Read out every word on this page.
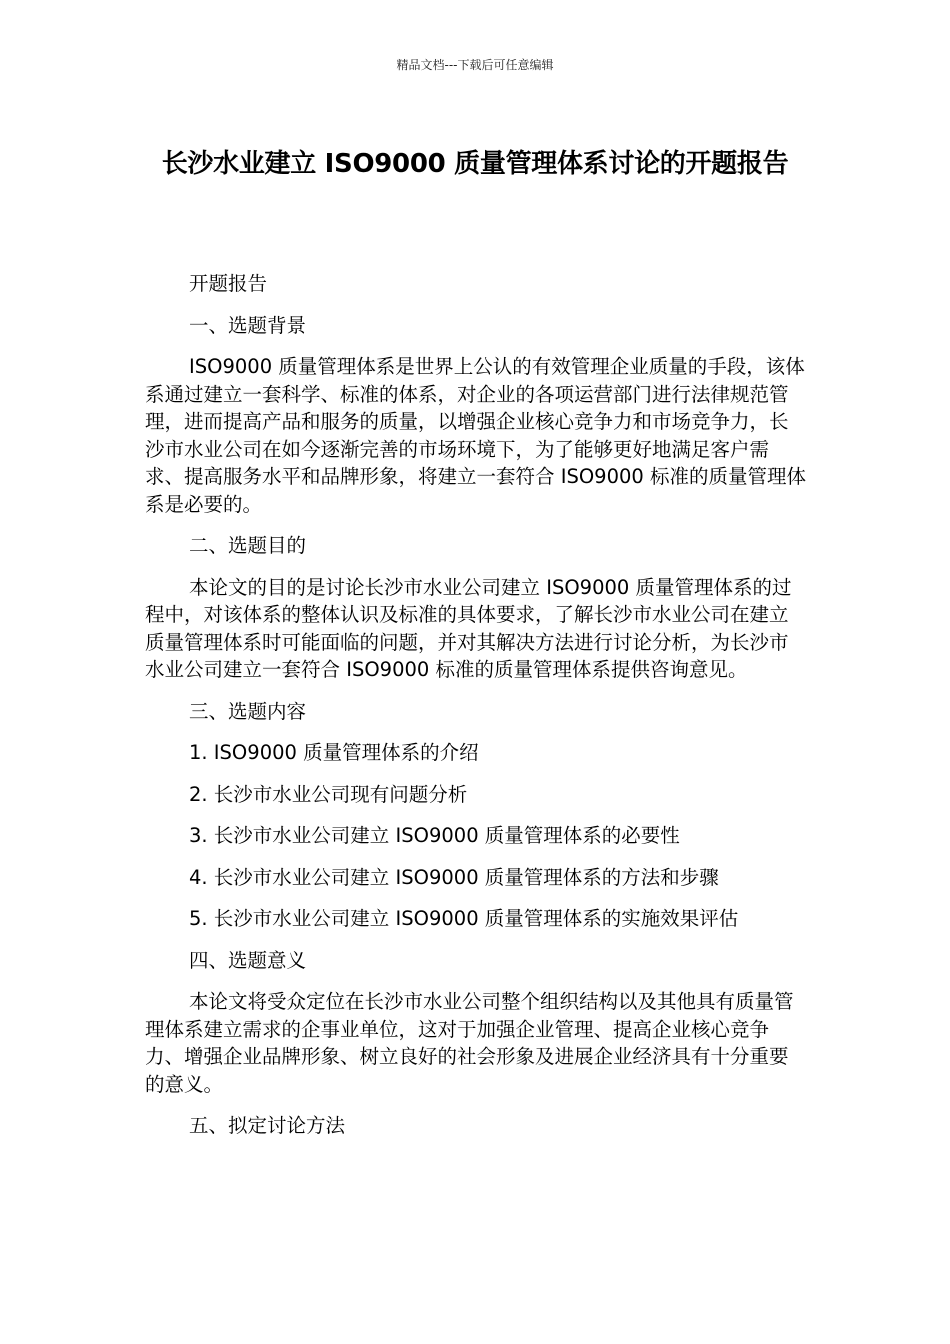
精品文档---下载后可任意编辑
长沙水业建立 ISO9000 质量管理体系讨论的开题报告

开题报告

一、选题背景

ISO9000 质量管理体系是世界上公认的有效管理企业质量的手段，该体系通过建立一套科学、标准的体系，对企业的各项运营部门进行法律规范管理，进而提高产品和服务的质量，以增强企业核心竞争力和市场竞争力，长沙市水业公司在如今逐渐完善的市场环境下，为了能够更好地满足客户需求、提高服务水平和品牌形象，将建立一套符合 ISO9000 标准的质量管理体系是必要的。

二、选题目的

本论文的目的是讨论长沙市水业公司建立 ISO9000 质量管理体系的过程中，对该体系的整体认识及标准的具体要求，了解长沙市水业公司在建立质量管理体系时可能面临的问题，并对其解决方法进行讨论分析，为长沙市水业公司建立一套符合 ISO9000 标准的质量管理体系提供咨询意见。

三、选题内容

1. ISO9000 质量管理体系的介绍

2. 长沙市水业公司现有问题分析

3. 长沙市水业公司建立 ISO9000 质量管理体系的必要性

4. 长沙市水业公司建立 ISO9000 质量管理体系的方法和步骤

5. 长沙市水业公司建立 ISO9000 质量管理体系的实施效果评估

四、选题意义

本论文将受众定位在长沙市水业公司整个组织结构以及其他具有质量管理体系建立需求的企事业单位，这对于加强企业管理、提高企业核心竞争力、增强企业品牌形象、树立良好的社会形象及进展企业经济具有十分重要的意义。

五、拟定讨论方法
